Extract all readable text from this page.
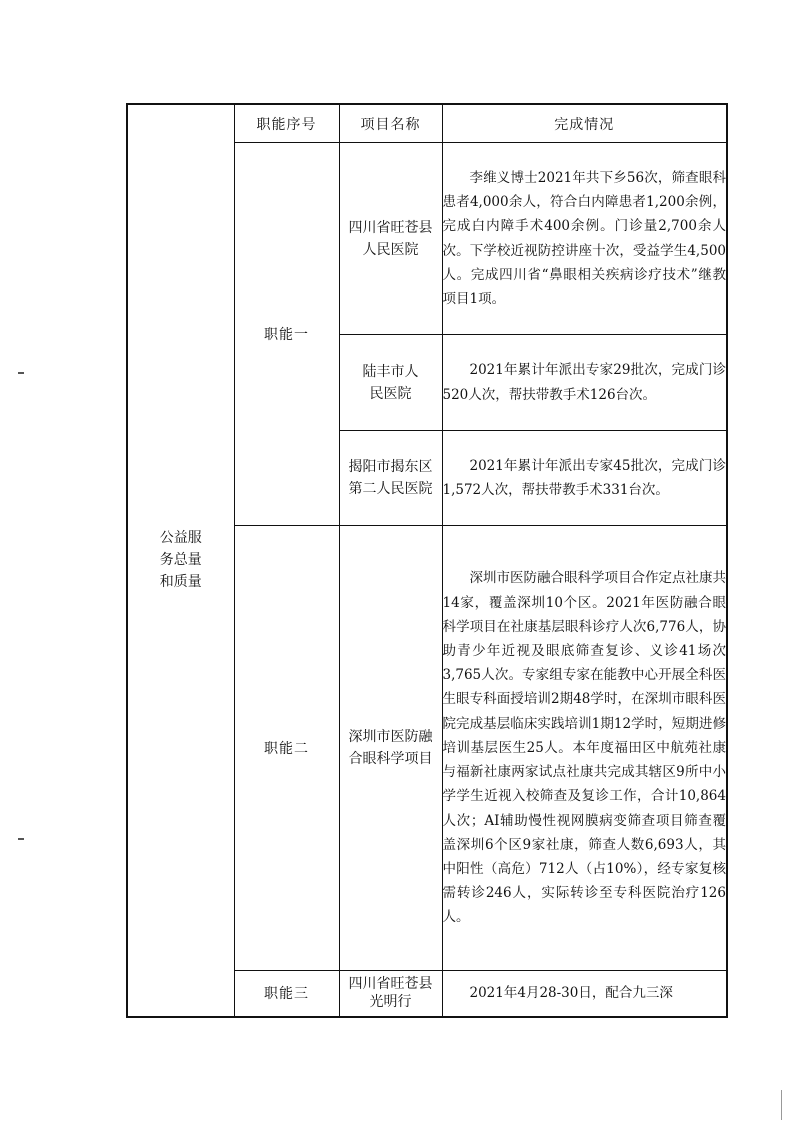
公益服务总量和质量	职能序号	项目名称	完成情况
	职能一	四川省旺苍县人民医院	李维义博士2021年共下乡56次，筛查眼科患者4,000余人，符合白内障患者1,200余例，完成白内障手术400余例。门诊量2,700余人次。下学校近视防控讲座十次，受益学生4,500人。完成四川省“鼻眼相关疾病诊疗技术”继教项目1项。

		陆丰市人民医院	2021年累计年派出专家29批次，完成门诊520人次，帮扶带教手术126台次。

		揭阳市揭东区第二人民医院	2021年累计年派出专家45批次，完成门诊1,572人次，帮扶带教手术331台次。

	职能二	深圳市医防融合眼科学项目	深圳市医防融合眼科学项目合作定点社康共14家，覆盖深圳10个区。2021年医防融合眼科学项目在社康基层眼科诊疗人次6,776人，协助青少年近视及眼底筛查复诊、义诊41场次3,765人次。专家组专家在能教中心开展全科医生眼专科面授培训2期48学时，在深圳市眼科医院完成基层临床实践培训1期12学时，短期进修培训基层医生25人。本年度福田区中航苑社康与福新社康两家试点社康共完成其辖区9所中小学学生近视入校筛查及复诊工作，合计10,864人次；AI辅助慢性视网膜病变筛查项目筛查覆盖深圳6个区9家社康，筛查人数6,693人，其中阳性（高危）712人（占10%），经专家复核需转诊246人，实际转诊至专科医院治疗126人。

	职能三	四川省旺苍县光明行	2021年4月28-30日，配合九三深
